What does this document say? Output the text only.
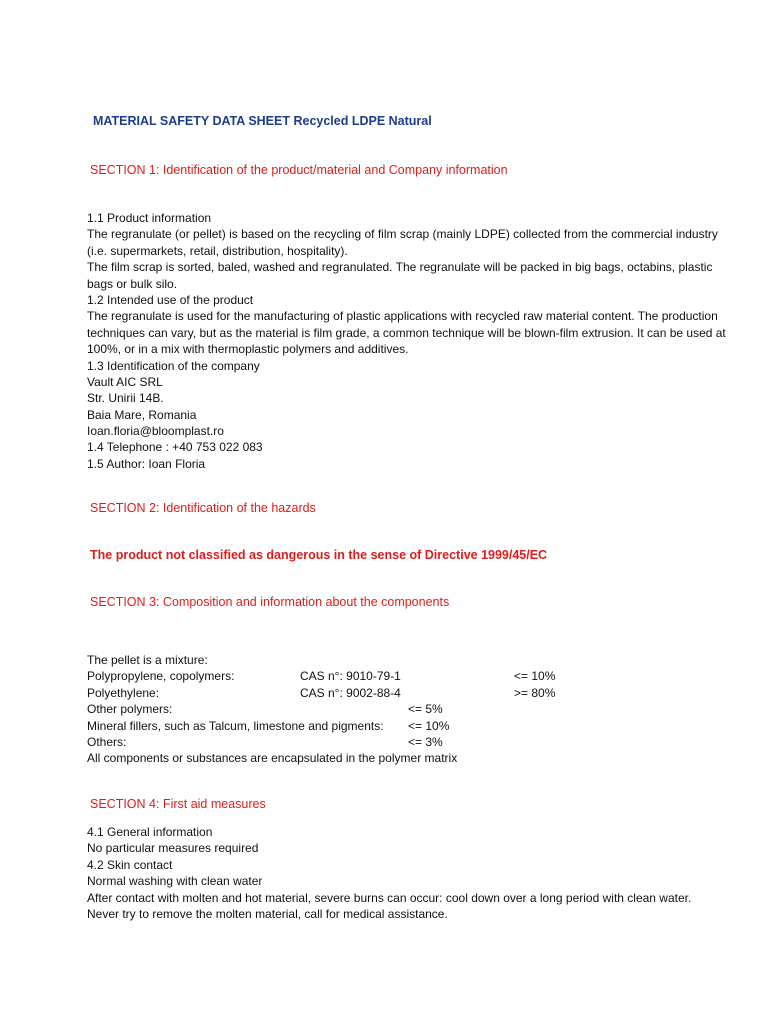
MATERIAL SAFETY DATA SHEET Recycled LDPE Natural
SECTION 1: Identification of the product/material and Company information
1.1 Product information
The regranulate (or pellet) is based on the recycling of film scrap (mainly LDPE) collected from the commercial industry
(i.e. supermarkets, retail, distribution, hospitality).
The film scrap is sorted, baled, washed and regranulated. The regranulate will be packed in big bags, octabins, plastic
bags or bulk silo.
1.2 Intended use of the product
The regranulate is used for the manufacturing of plastic applications with recycled raw material content. The production
techniques can vary, but as the material is film grade, a common technique will be blown-film extrusion. It can be used at
100%, or in a mix with thermoplastic polymers and additives.
1.3 Identification of the company
Vault AIC SRL
Str. Unirii 14B.
Baia Mare, Romania
Ioan.floria@bloomplast.ro
1.4 Telephone : +40 753 022 083
1.5 Author: Ioan Floria
SECTION 2: Identification of the hazards
The product not classified as dangerous in the sense of Directive 1999/45/EC
SECTION 3: Composition and information about the components
The pellet is a mixture:
Polypropylene, copolymers:	CAS n°: 9010-79-1	<= 10%
Polyethylene:	CAS n°: 9002-88-4	>= 80%
Other polymers:	<= 5%
Mineral fillers, such as Talcum, limestone and pigments: <= 10%
Others:	<= 3%
All components or substances are encapsulated in the polymer matrix
SECTION 4: First aid measures
4.1 General information
No particular measures required
4.2 Skin contact
Normal washing with clean water
After contact with molten and hot material, severe burns can occur: cool down over a long period with clean water.
Never try to remove the molten material, call for medical assistance.
